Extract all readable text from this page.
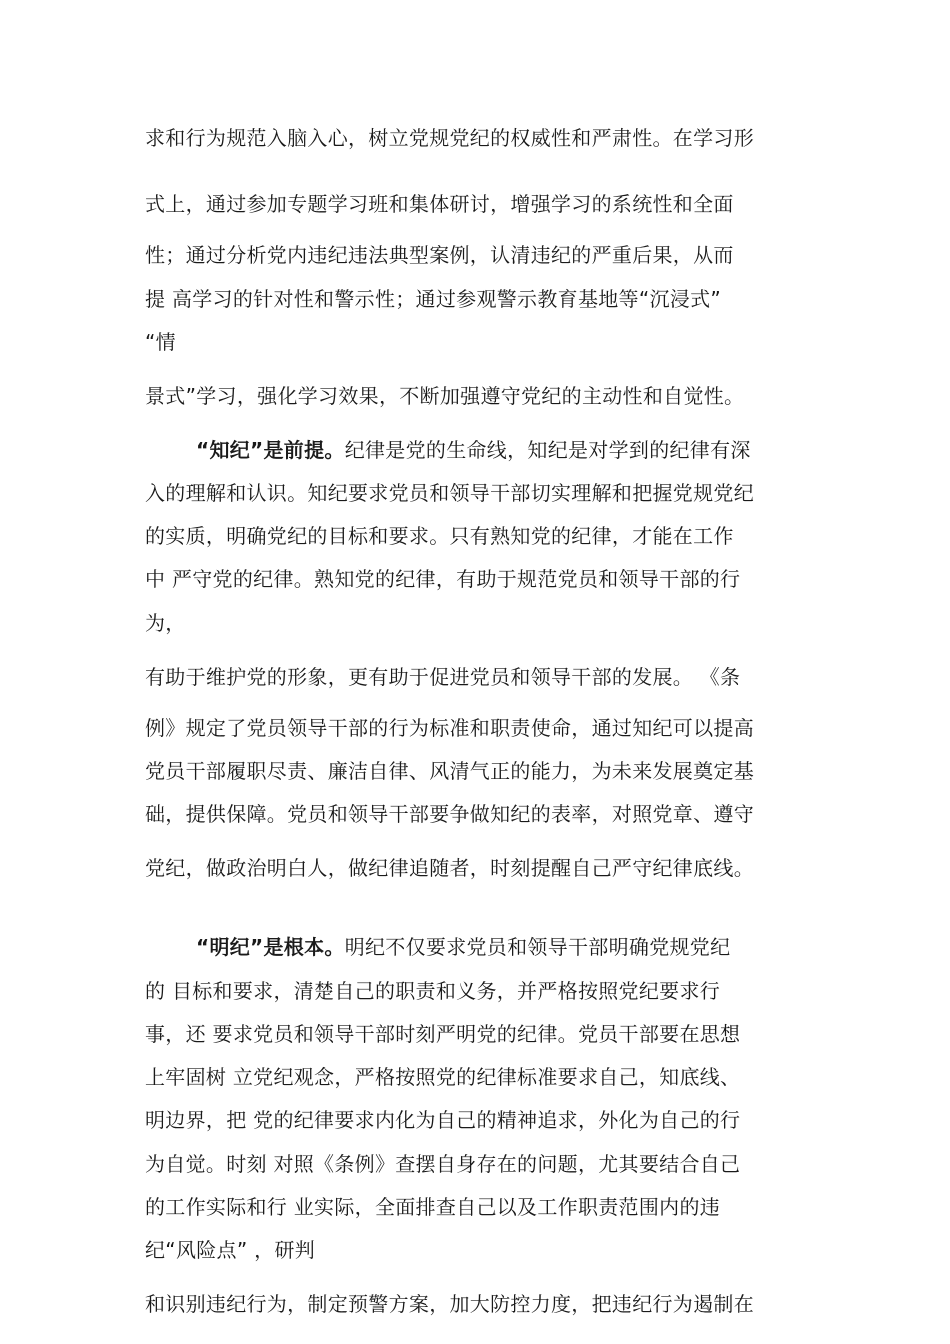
求和行为规范入脑入心，树立党规党纪的权威性和严肃性。在学习形
式上，通过参加专题学习班和集体研讨，增强学习的系统性和全面
性；通过分析党内违纪违法典型案例，认清违纪的严重后果，从而
提 高学习的针对性和警示性；通过参观警示教育基地等“沉浸式”
“情
景式”学习，强化学习效果，不断加强遵守党纪的主动性和自觉性。
“知纪”是前提。纪律是党的生命线，知纪是对学到的纪律有深
入的理解和认识。知纪要求党员和领导干部切实理解和把握党规党纪
的实质，明确党纪的目标和要求。只有熟知党的纪律，才能在工作
中 严守党的纪律。熟知党的纪律，有助于规范党员和领导干部的行
为，
有助于维护党的形象，更有助于促进党员和领导干部的发展。 《条
例》规定了党员领导干部的行为标准和职责使命，通过知纪可以提高
党员干部履职尽责、廉洁自律、风清气正的能力，为未来发展奠定基
础，提供保障。党员和领导干部要争做知纪的表率，对照党章、遵守
党纪，做政治明白人，做纪律追随者，时刻提醒自己严守纪律底线。
“明纪”是根本。明纪不仅要求党员和领导干部明确党规党纪
的 目标和要求，清楚自己的职责和义务，并严格按照党纪要求行
事，还 要求党员和领导干部时刻严明党的纪律。党员干部要在思想
上牢固树 立党纪观念，严格按照党的纪律标准要求自己，知底线、
明边界，把 党的纪律要求内化为自己的精神追求，外化为自己的行
为自觉。时刻 对照《条例》查摆自身存在的问题，尤其要结合自己
的工作实际和行 业实际，全面排查自己以及工作职责范围内的违
纪“风险点” ，研判
和识别违纪行为，制定预警方案，加大防控力度，把违纪行为遏制在
